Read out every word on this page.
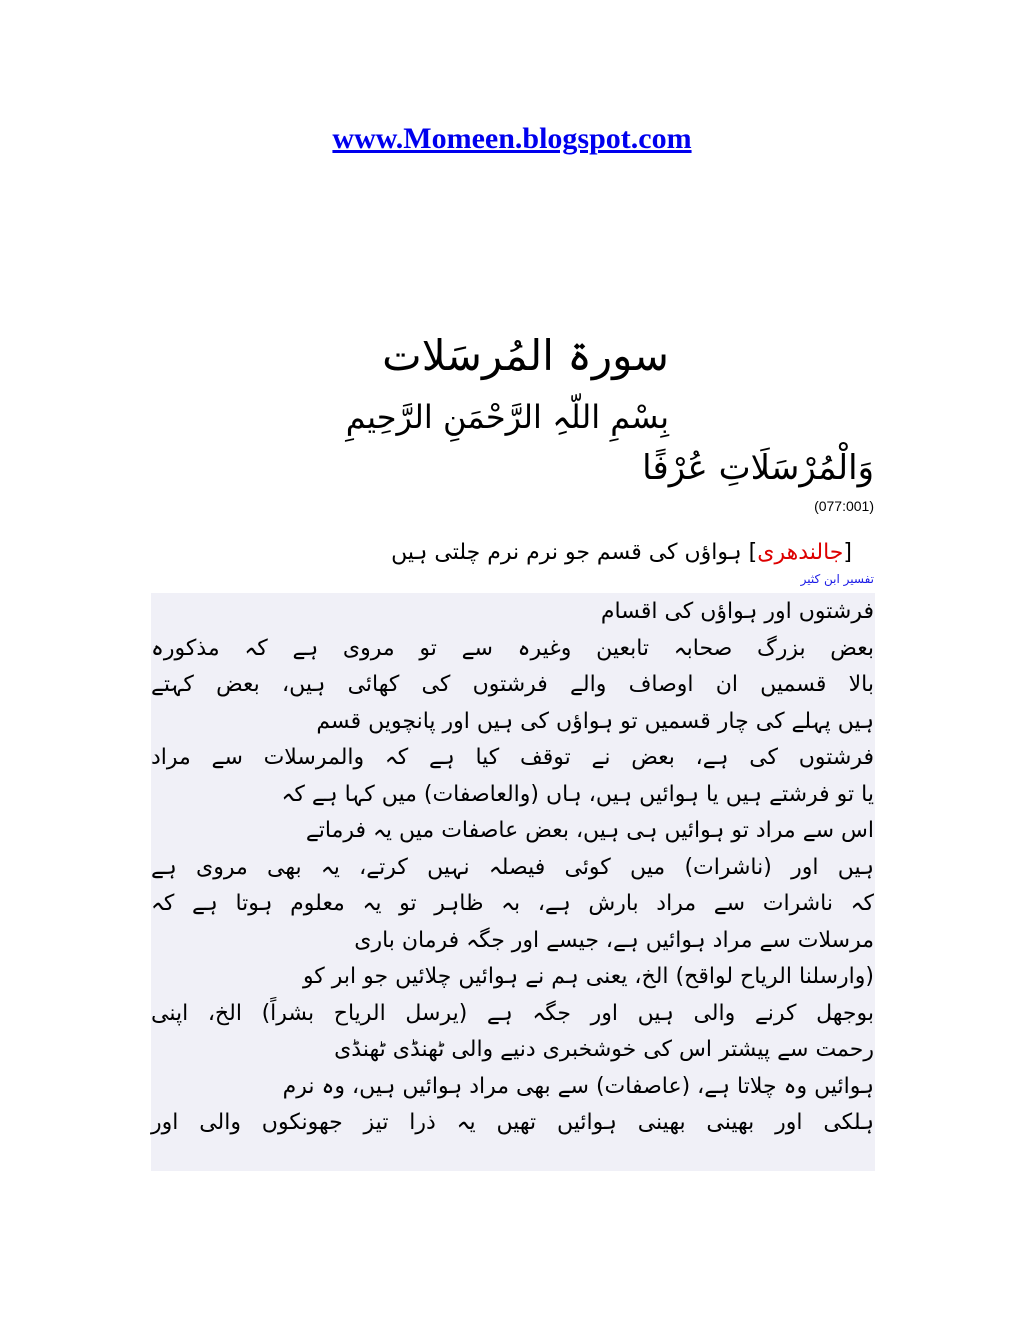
www.Momeen.blogspot.com
سورۃ المُرسَلات
بِسْمِ اللّہِ الرَّحْمَنِ الرَّحِیمِ
وَالْمُرْسَلَاتِ عُرْفًا
(077:001)
[جالندھری] ہواؤں کی قسم جو نرم نرم چلتی ہیں
تفسیر ابن کثیر
فرشتوں اور ہواؤں کی اقسام
بعض بزرگ صحابہ تابعین وغیرہ سے تو مروی ہے کہ مذکورہ
بالا قسمیں ان اوصاف والے فرشتوں کی کھائی ہیں، بعض کہتے
ہیں پہلے کی چار قسمیں تو ہواؤں کی ہیں اور پانچویں قسم
فرشتوں کی ہے، بعض نے توقف کیا ہے کہ والمرسلات سے مراد
یا تو فرشتے ہیں یا ہوائیں ہیں، ہاں (والعاصفات) میں کہا ہے کہ
اس سے مراد تو ہوائیں ہی ہیں، بعض عاصفات میں یہ فرماتے
ہیں اور (ناشرات) میں کوئی فیصلہ نہیں کرتے، یہ بھی مروی ہے
کہ ناشرات سے مراد بارش ہے، بہ ظاہر تو یہ معلوم ہوتا ہے کہ
مرسلات سے مراد ہوائیں ہے، جیسے اور جگہ فرمان باری
(وارسلنا الریاح لواقح) الخ، یعنی ہم نے ہوائیں چلائیں جو ابر کو
بوجھل کرنے والی ہیں اور جگہ ہے (یرسل الریاح بشراً) الخ، اپنی
رحمت سے پیشتر اس کی خوشخبری دنیے والی ٹھنڈی ٹھنڈی
ہوائیں وہ چلاتا ہے، (عاصفات) سے بھی مراد ہوائیں ہیں، وہ نرم
ہلکی اور بھینی بھینی ہوائیں تھیں یہ ذرا تیز جھونکوں والی اور
